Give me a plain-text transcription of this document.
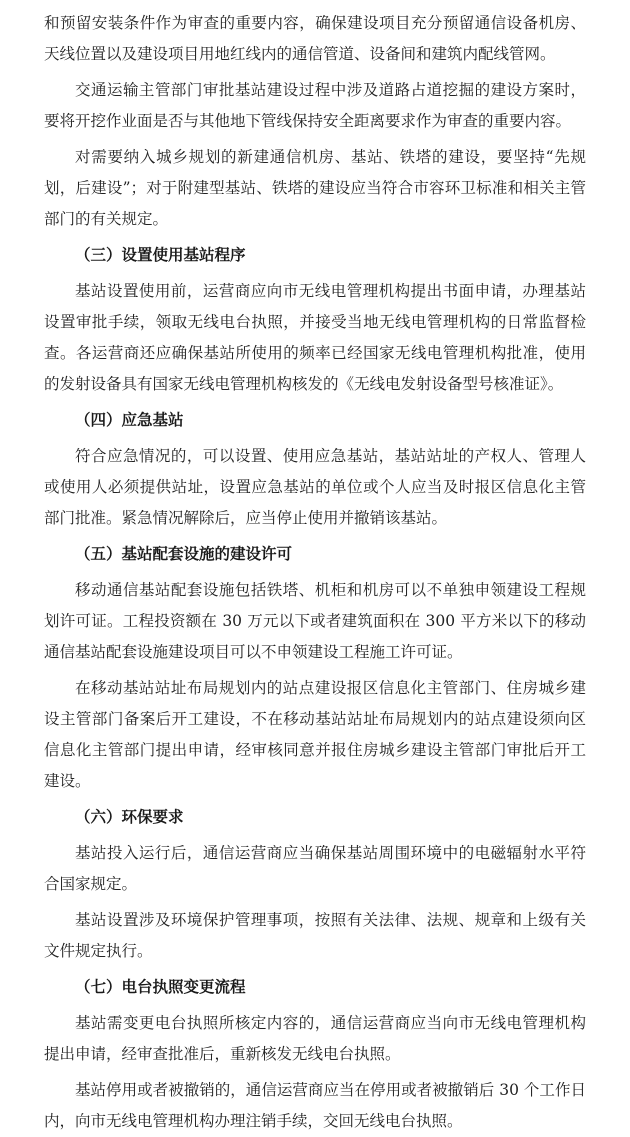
和预留安装条件作为审查的重要内容，确保建设项目充分预留通信设备机房、天线位置以及建设项目用地红线内的通信管道、设备间和建筑内配线管网。
交通运输主管部门审批基站建设过程中涉及道路占道挖掘的建设方案时，要将开挖作业面是否与其他地下管线保持安全距离要求作为审查的重要内容。
对需要纳入城乡规划的新建通信机房、基站、铁塔的建设，要坚持“先规划，后建设”；对于附建型基站、铁塔的建设应当符合市容环卫标准和相关主管部门的有关规定。
（三）设置使用基站程序
基站设置使用前，运营商应向市无线电管理机构提出书面申请，办理基站设置审批手续，领取无线电台执照，并接受当地无线电管理机构的日常监督检查。各运营商还应确保基站所使用的频率已经国家无线电管理机构批准，使用的发射设备具有国家无线电管理机构核发的《无线电发射设备型号核准证》。
（四）应急基站
符合应急情况的，可以设置、使用应急基站，基站站址的产权人、管理人或使用人必须提供站址，设置应急基站的单位或个人应当及时报区信息化主管部门批准。紧急情况解除后，应当停止使用并撤销该基站。
（五）基站配套设施的建设许可
移动通信基站配套设施包括铁塔、机柜和机房可以不单独申领建设工程规划许可证。工程投资额在 30 万元以下或者建筑面积在 300 平方米以下的移动通信基站配套设施建设项目可以不申领建设工程施工许可证。
在移动基站站址布局规划内的站点建设报区信息化主管部门、住房城乡建设主管部门备案后开工建设，不在移动基站站址布局规划内的站点建设须向区信息化主管部门提出申请，经审核同意并报住房城乡建设主管部门审批后开工建设。
（六）环保要求
基站投入运行后，通信运营商应当确保基站周围环境中的电磁辐射水平符合国家规定。
基站设置涉及环境保护管理事项，按照有关法律、法规、规章和上级有关文件规定执行。
（七）电台执照变更流程
基站需变更电台执照所核定内容的，通信运营商应当向市无线电管理机构提出申请，经审查批准后，重新核发无线电台执照。
基站停用或者被撤销的，通信运营商应当在停用或者被撤销后 30 个工作日内，向市无线电管理机构办理注销手续，交回无线电台执照。
